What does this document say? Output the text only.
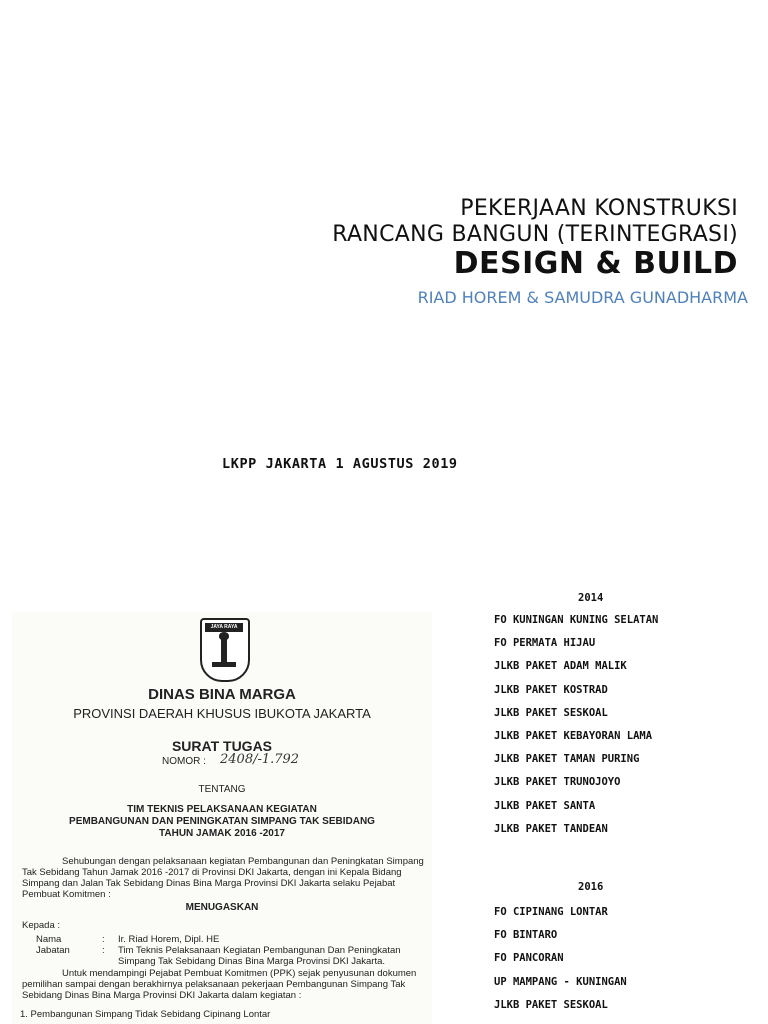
PEKERJAAN KONSTRUKSI
RANCANG BANGUN (TERINTEGRASI)
DESIGN & BUILD
RIAD HOREM & SAMUDRA GUNADHARMA
LKPP JAKARTA 1 AGUSTUS 2019
JAYA RAYA
DINAS BINA MARGA
PROVINSI DAERAH KHUSUS IBUKOTA JAKARTA
SURAT TUGAS
NOMOR : 2408/-1.792
TENTANG
TIM TEKNIS PELAKSANAAN KEGIATAN
PEMBANGUNAN DAN PENINGKATAN SIMPANG TAK SEBIDANG
TAHUN JAMAK 2016 -2017
Sehubungan dengan pelaksanaan kegiatan Pembangunan dan Peningkatan Simpang Tak Sebidang Tahun Jamak 2016 -2017 di Provinsi DKI Jakarta, dengan ini Kepala Bidang Simpang dan Jalan Tak Sebidang Dinas Bina Marga Provinsi DKI Jakarta selaku Pejabat Pembuat Komitmen :
MENUGASKAN
Kepada :
Nama	: Ir. Riad Horem, Dipl. HE
Jabatan	: Tim Teknis Pelaksanaan Kegiatan Pembangunan Dan Peningkatan Simpang Tak Sebidang Dinas Bina Marga Provinsi DKI Jakarta.
Untuk mendampingi Pejabat Pembuat Komitmen (PPK) sejak penyusunan dokumen pemilihan sampai dengan berakhirnya pelaksanaan pekerjaan Pembangunan Simpang Tak Sebidang Dinas Bina Marga Provinsi DKI Jakarta dalam kegiatan :
1. Pembangunan Simpang Tidak Sebidang Cipinang Lontar
2014
FO KUNINGAN KUNING SELATAN
FO PERMATA HIJAU
JLKB PAKET ADAM MALIK
JLKB PAKET KOSTRAD
JLKB PAKET SESKOAL
JLKB PAKET KEBAYORAN LAMA
JLKB PAKET TAMAN PURING
JLKB PAKET TRUNOJOYO
JLKB PAKET SANTA
JLKB PAKET TANDEAN
2016
FO CIPINANG LONTAR
FO BINTARO
FO PANCORAN
UP MAMPANG - KUNINGAN
JLKB PAKET SESKOAL
